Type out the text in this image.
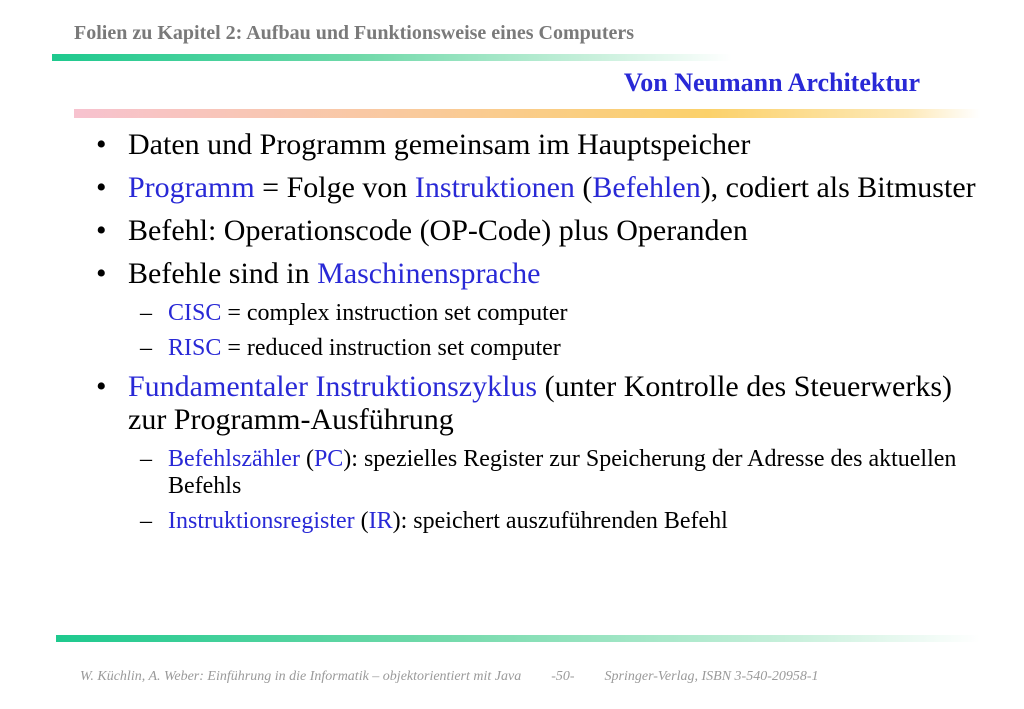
Folien zu Kapitel 2: Aufbau und Funktionsweise eines Computers
Von Neumann Architektur
• Daten und Programm gemeinsam im Hauptspeicher
• Programm = Folge von Instruktionen (Befehlen), codiert als Bitmuster
• Befehl: Operationscode (OP-Code) plus Operanden
• Befehle sind in Maschinensprache
– CISC = complex instruction set computer
– RISC = reduced instruction set computer
• Fundamentaler Instruktionszyklus (unter Kontrolle des Steuerwerks) zur Programm-Ausführung
– Befehlszähler (PC): spezielles Register zur Speicherung der Adresse des aktuellen Befehls
– Instruktionsregister (IR): speichert auszuführenden Befehl
W. Küchlin, A. Weber: Einführung in die Informatik – objektorientiert mit Java -50- Springer-Verlag, ISBN 3-540-20958-1
